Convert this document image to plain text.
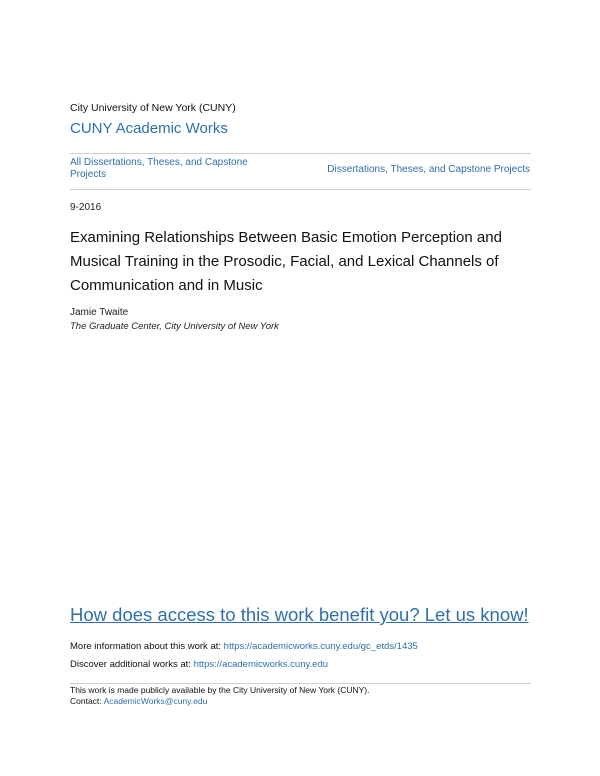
City University of New York (CUNY)
CUNY Academic Works
All Dissertations, Theses, and Capstone Projects	Dissertations, Theses, and Capstone Projects
9-2016
Examining Relationships Between Basic Emotion Perception and Musical Training in the Prosodic, Facial, and Lexical Channels of Communication and in Music
Jamie Twaite
The Graduate Center, City University of New York
How does access to this work benefit you? Let us know!
More information about this work at: https://academicworks.cuny.edu/gc_etds/1435
Discover additional works at: https://academicworks.cuny.edu
This work is made publicly available by the City University of New York (CUNY).
Contact: AcademicWorks@cuny.edu
